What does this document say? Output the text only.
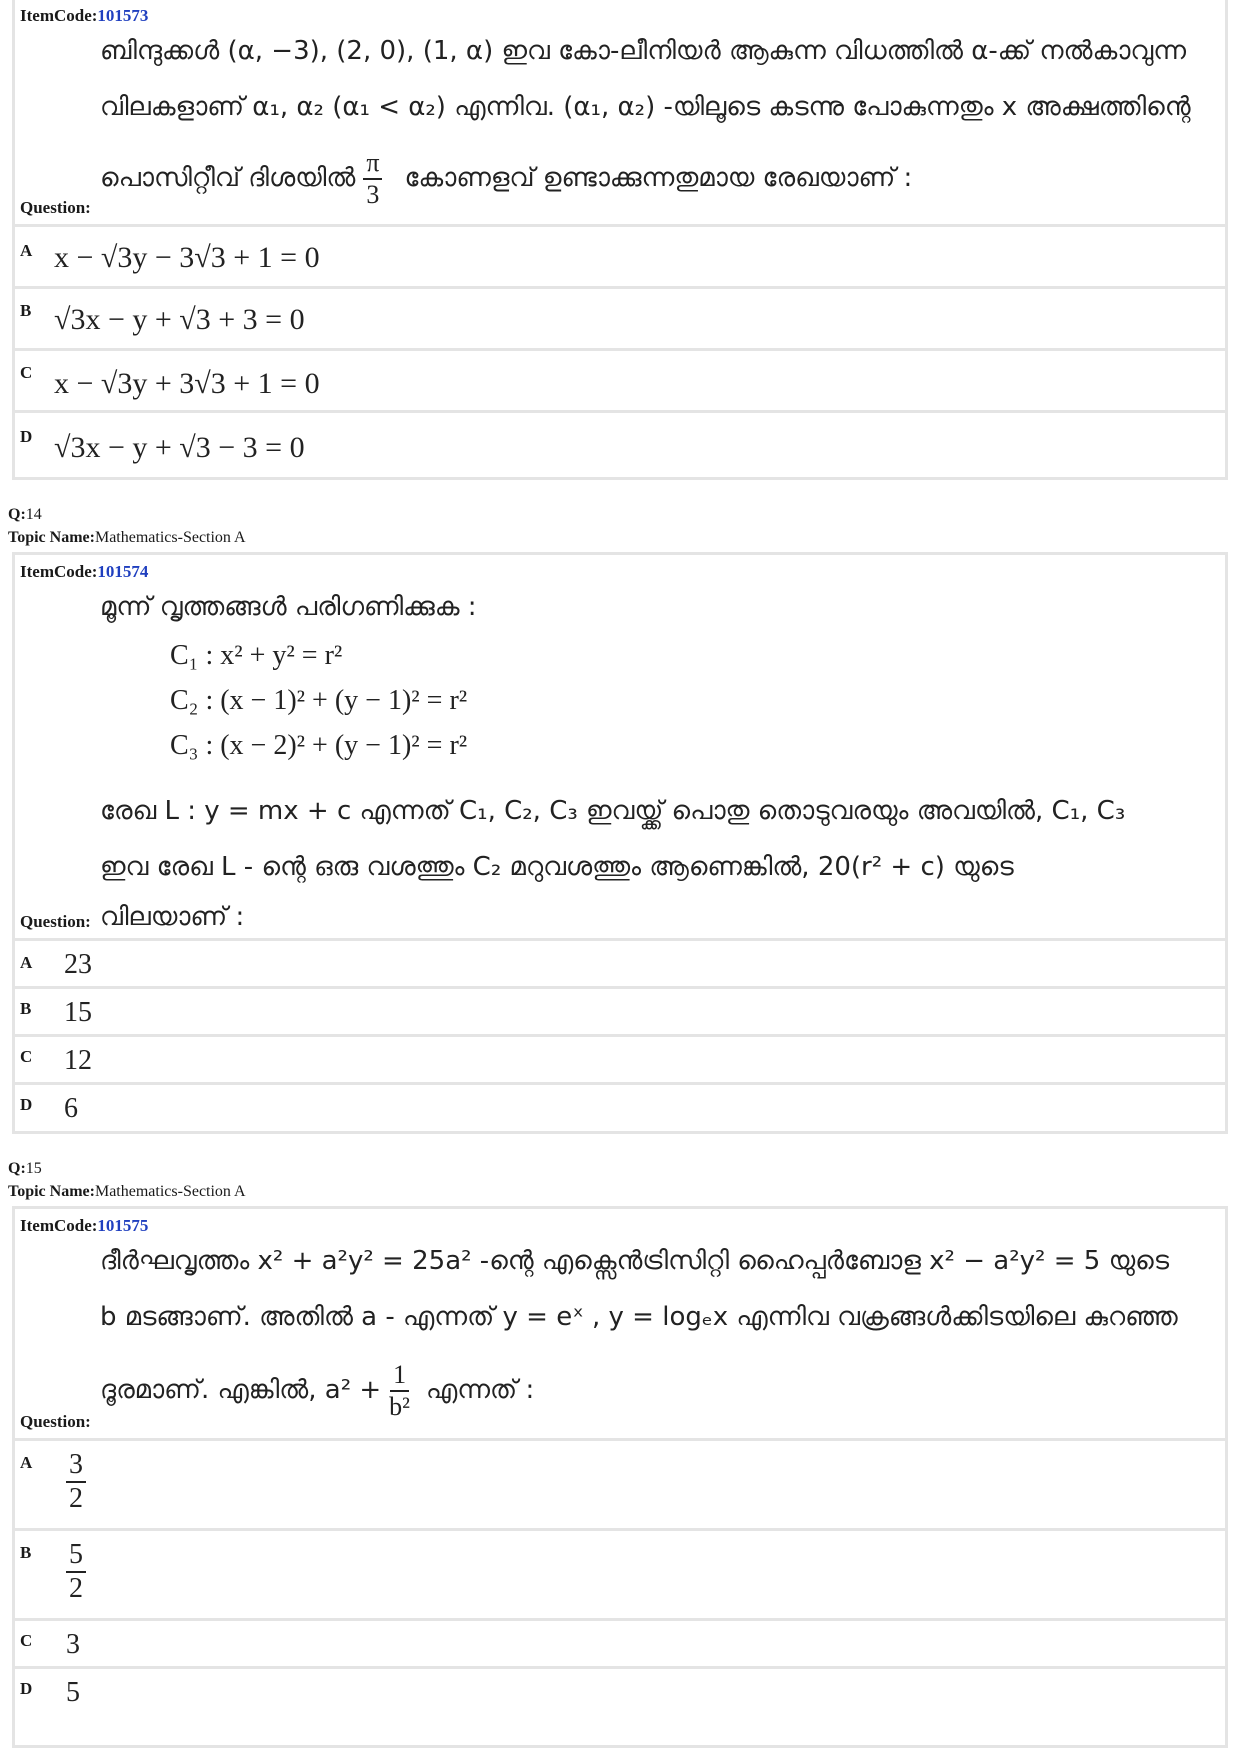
ItemCode:101573
ബിന്ദുക്കൾ (α, −3), (2, 0), (1, α) ഇവ കോ-ലീനിയർ ആകുന്ന വിധത്തിൽ α-ക്ക് നൽകാവുന്ന
വിലകളാണ് α₁, α₂ (α₁ < α₂) എന്നിവ. (α₁, α₂) -യിലൂടെ കടന്നു പോകുന്നതും x അക്ഷത്തിന്റെ
പൊസിറ്റീവ് ദിശയിൽ $\frac{\pi}{3}$ കോണളവ് ഉണ്ടാക്കുന്നതുമായ രേഖയാണ് :
Question:
A x − √3y − 3√3 + 1 = 0
B √3x − y + √3 + 3 = 0
C x − √3y + 3√3 + 1 = 0
D √3x − y + √3 − 3 = 0
Q:14
Topic Name:Mathematics-Section A
ItemCode:101574
മൂന്ന് വൃത്തങ്ങൾ പരിഗണിക്കുക :
C₁ : x² + y² = r²
C₂ : (x − 1)² + (y − 1)² = r²
C₃ : (x − 2)² + (y − 1)² = r²
രേഖ L : y = mx + c എന്നത് C₁, C₂, C₃ ഇവയ്ക്ക് പൊതു തൊടുവരയും അവയിൽ, C₁, C₃
ഇവ രേഖ L - ന്റെ ഒരു വശത്തും C₂ മറുവശത്തും ആണെങ്കിൽ, 20(r² + c) യുടെ
വിലയാണ് :
Question:
A 23
B 15
C 12
D 6
Q:15
Topic Name:Mathematics-Section A
ItemCode:101575
ദീർഘവൃത്തം x² + a²y² = 25a² -ന്റെ എക്സെൻട്രിസിറ്റി ഹൈപ്പർബോള x² − a²y² = 5 യുടെ
b മടങ്ങാണ്. അതിൽ a - എന്നത് y = eˣ , y = logₑx എന്നിവ വക്രങ്ങൾക്കിടയിലെ കുറഞ്ഞ
ദൂരമാണ്. എങ്കിൽ, $a^2 + \frac{1}{\text{b²}}$ എന്നത് :
Question:
A $\frac{3}{2}$
B $\frac{5}{2}$
C 3
D 5
